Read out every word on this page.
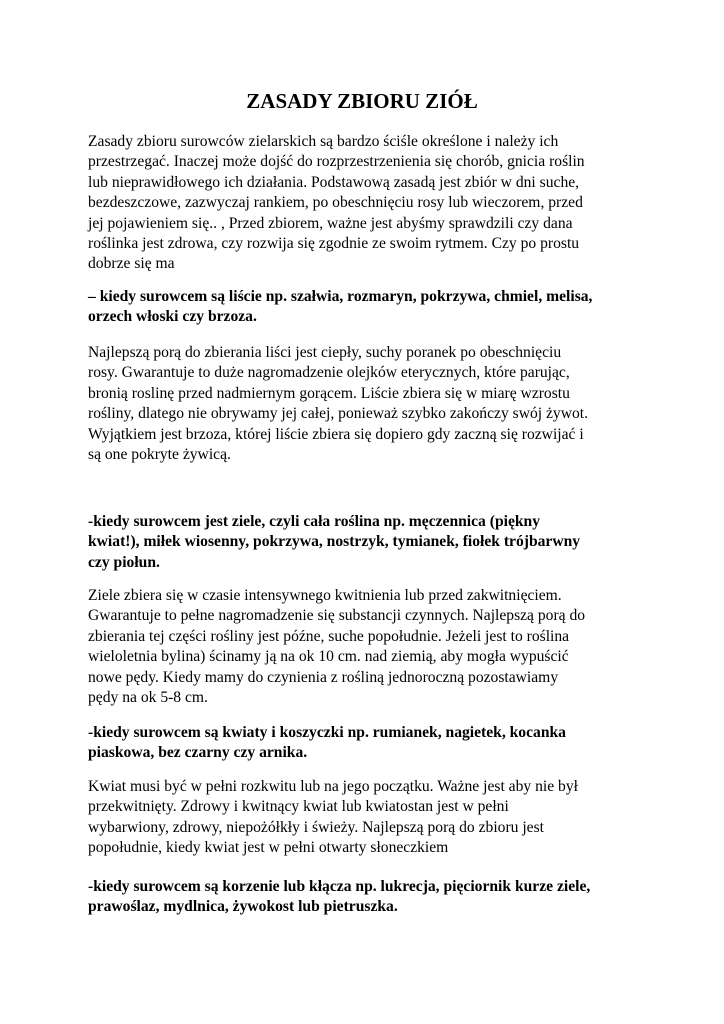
ZASADY ZBIORU ZIÓŁ

Zasady zbioru surowców zielarskich są bardzo ściśle określone i należy ich
przestrzegać. Inaczej może dojść do rozprzestrzenienia się chorób, gnicia roślin
lub nieprawidłowego ich działania. Podstawową zasadą jest zbiór w dni suche,
bezdeszczowe, zazwyczaj rankiem, po obeschnięciu rosy lub wieczorem, przed
jej pojawieniem się.. , Przed zbiorem, ważne jest abyśmy sprawdzili czy dana
roślinka jest zdrowa, czy rozwija się zgodnie ze swoim rytmem. Czy po prostu
dobrze się ma

– kiedy surowcem są liście np. szałwia, rozmaryn, pokrzywa, chmiel, melisa,
orzech włoski czy brzoza.

Najlepszą porą do zbierania liści jest ciepły, suchy poranek po obeschnięciu
rosy. Gwarantuje to duże nagromadzenie olejków eterycznych, które parując,
bronią roslinę przed nadmiernym gorącem. Liście zbiera się w miarę wzrostu
rośliny, dlatego nie obrywamy jej całej, ponieważ szybko zakończy swój żywot.
Wyjątkiem jest brzoza, której liście zbiera się dopiero gdy zaczną się rozwijać i
są one pokryte żywicą.

-kiedy surowcem jest ziele, czyli cała roślina np. męczennica (piękny
kwiat!), miłek wiosenny, pokrzywa, nostrzyk, tymianek, fiołek trójbarwny
czy piołun.

Ziele zbiera się w czasie intensywnego kwitnienia lub przed zakwitnięciem.
Gwarantuje to pełne nagromadzenie się substancji czynnych. Najlepszą porą do
zbierania tej części rośliny jest późne, suche popołudnie. Jeżeli jest to roślina
wieloletnia bylina) ścinamy ją na ok 10 cm. nad ziemią, aby mogła wypuścić
nowe pędy. Kiedy mamy do czynienia z rośliną jednoroczną pozostawiamy
pędy na ok 5-8 cm.

-kiedy surowcem są kwiaty i koszyczki np. rumianek, nagietek, kocanka
piaskowa, bez czarny czy arnika.

Kwiat musi być w pełni rozkwitu lub na jego początku. Ważne jest aby nie był
przekwitnięty. Zdrowy i kwitnący kwiat lub kwiatostan jest w pełni
wybarwiony, zdrowy, niepożółkły i świeży. Najlepszą porą do zbioru jest
popołudnie, kiedy kwiat jest w pełni otwarty słoneczkiem

-kiedy surowcem są korzenie lub kłącza np. lukrecja, pięciornik kurze ziele,
prawoślaz, mydlnica, żywokost lub pietruszka.
